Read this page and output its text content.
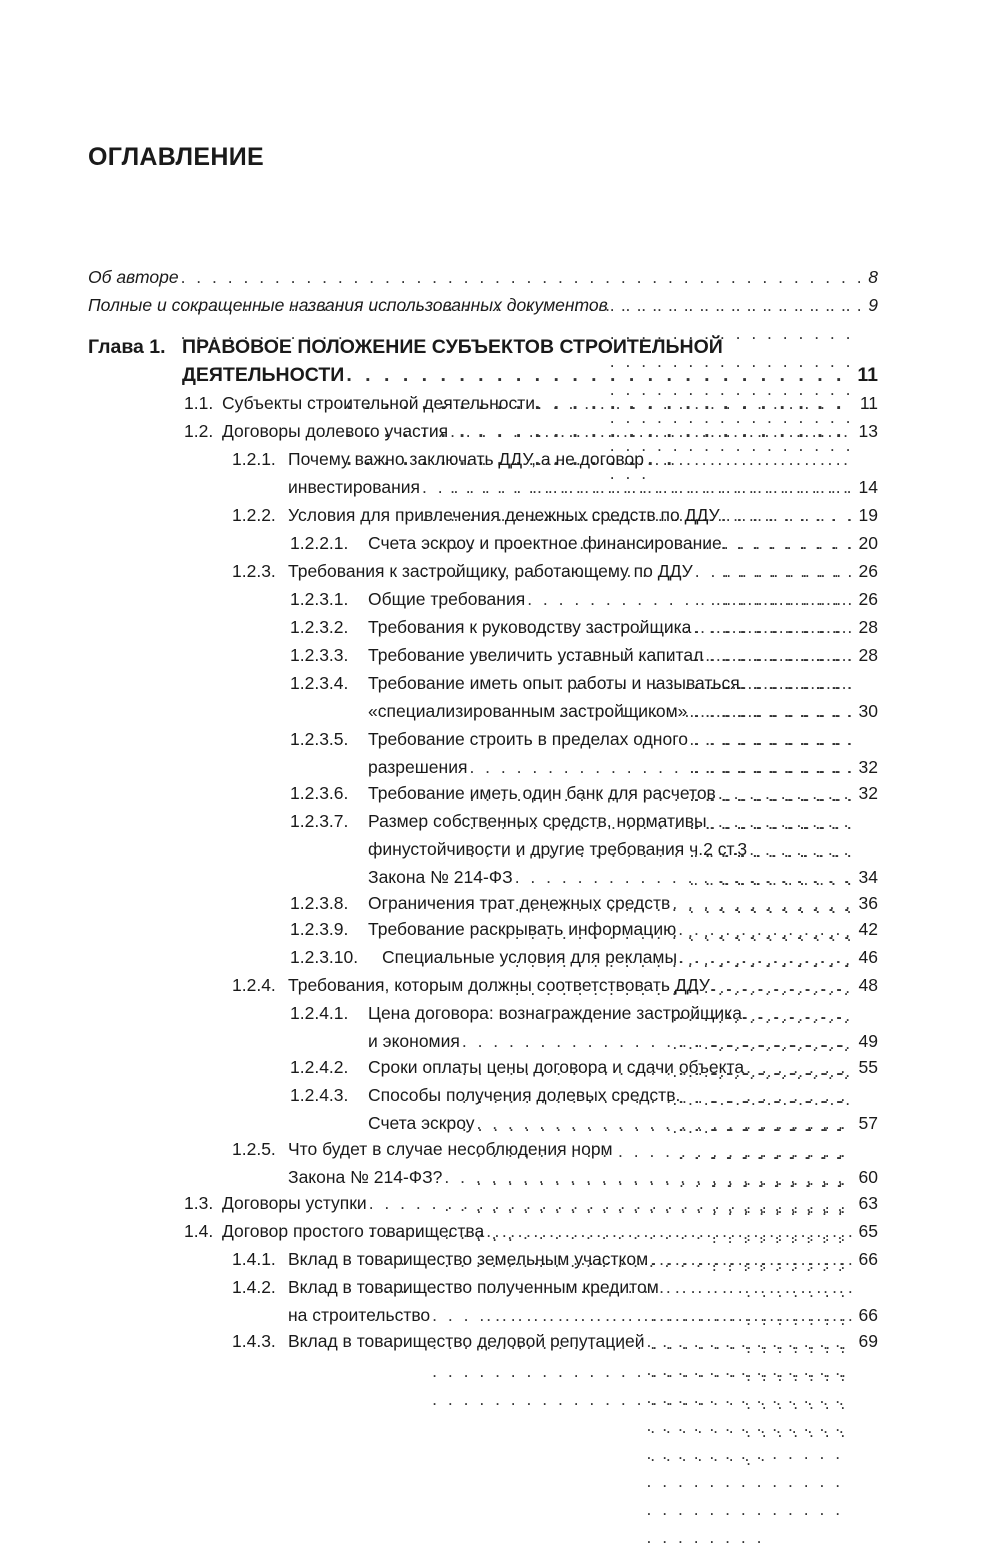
ОГЛАВЛЕНИЕ
Об авторе . . .	8
Полные и сокращенные названия использованных документов . . .	9
Глава 1. ПРАВОВОЕ ПОЛОЖЕНИЕ СУБЪЕКТОВ СТРОИТЕЛЬНОЙ
ДЕЯТЕЛЬНОСТИ . . .	11
1.1. Субъекты строительной деятельности . . .	11
1.2. Договоры долевого участия . . .	13
1.2.1. Почему важно заключать ДДУ, а не договор
инвестирования . . .	14
1.2.2. Условия для привлечения денежных средств по ДДУ . . .	19
1.2.2.1.	Счета эскроу и проектное финансирование . . .	20
1.2.3. Требования к застройщику, работающему по ДДУ . . .	26
1.2.3.1.	Общие требования . . .	26
1.2.3.2.	Требования к руководству застройщика . . .	28
1.2.3.3.	Требование увеличить уставный капитал . . .	28
1.2.3.4.	Требование иметь опыт работы и называться
«специализированным застройщиком» . . .	30
1.2.3.5.	Требование строить в пределах одного
разрешения . . .	32
1.2.3.6.	Требование иметь один банк для расчетов . . .	32
1.2.3.7.	Размер собственных средств, нормативы
финустойчивости и другие требования ч.2 ст.3
Закона № 214-ФЗ . . .	34
1.2.3.8.	Ограничения трат денежных средств . . .	36
1.2.3.9.	Требование раскрывать информацию . . .	42
1.2.3.10.	Специальные условия для рекламы . . .	46
1.2.4. Требования, которым должны соответствовать ДДУ . . .	48
1.2.4.1.	Цена договора: вознаграждение застройщика
и экономия . . .	49
1.2.4.2.	Сроки оплаты цены договора и сдачи объекта . . .	55
1.2.4.3.	Способы получения долевых средств.
Счета эскроу . . .	57
1.2.5. Что будет в случае несоблюдения норм
Закона № 214-ФЗ? . . .	60
1.3. Договоры уступки . . .	63
1.4. Договор простого товарищества . . .	65
1.4.1. Вклад в товарищество земельным участком . . .	66
1.4.2. Вклад в товарищество полученным кредитом
на строительство . . .	66
1.4.3. Вклад в товарищество деловой репутацией . . .	69
